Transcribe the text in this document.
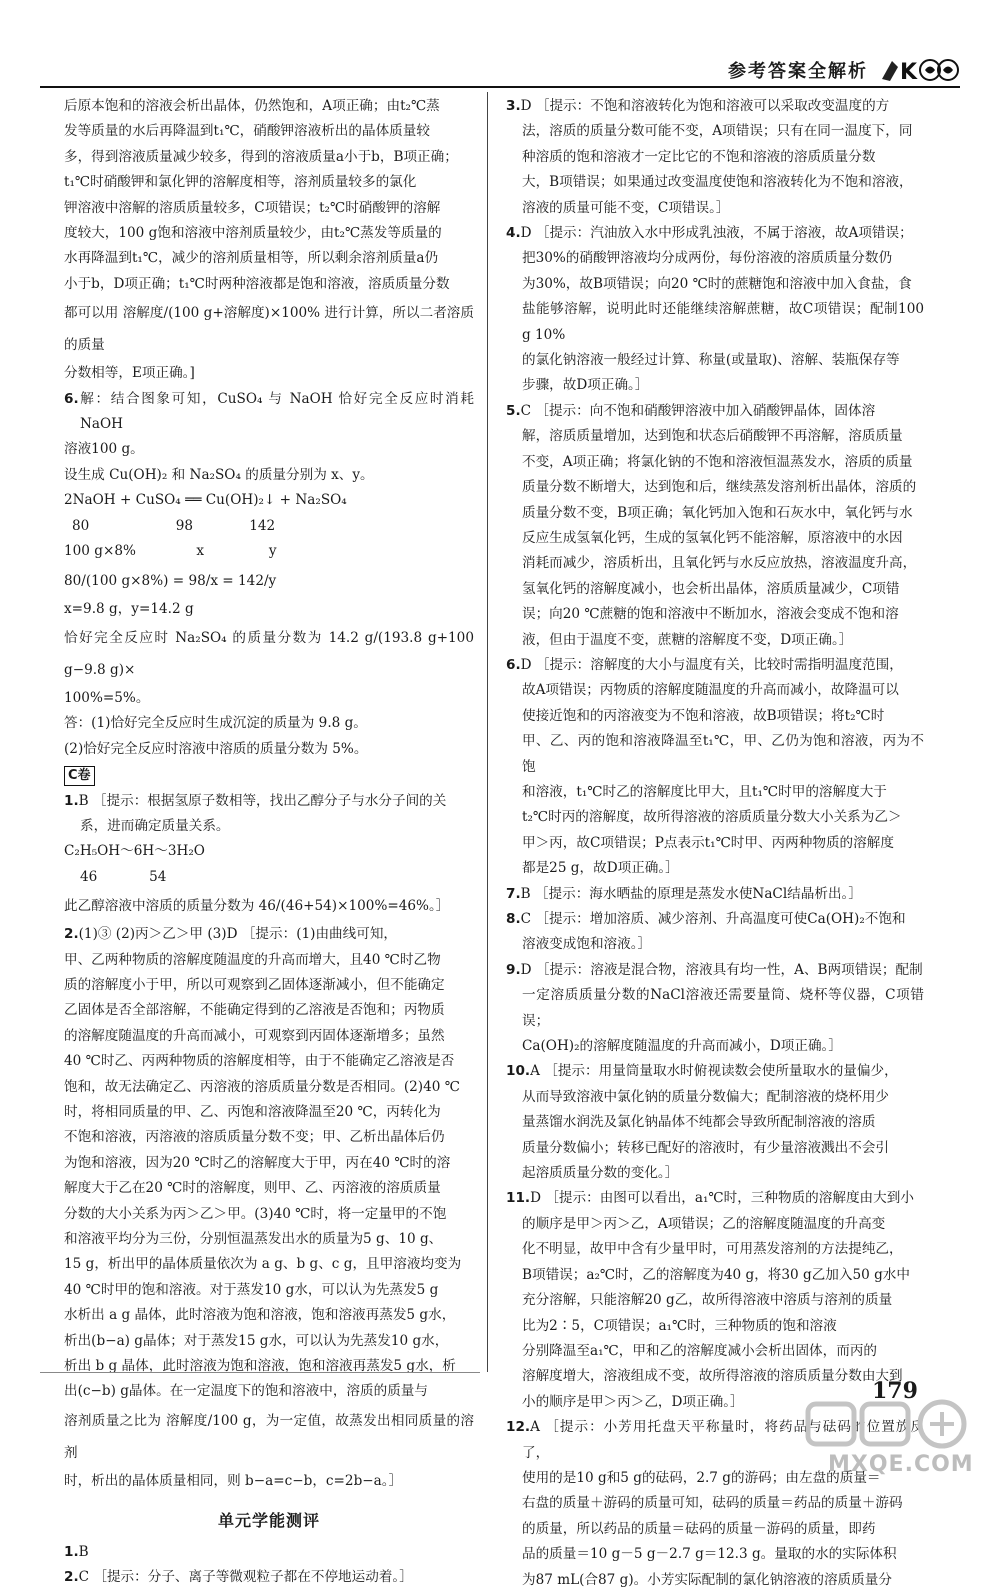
参考答案全解析 K

后原本饱和的溶液会析出晶体，仍然饱和，A项正确；由t₂℃蒸

发等质量的水后再降温到t₁℃，硝酸钾溶液析出的晶体质量较

多，得到溶液质量减少较多，得到的溶液质量a小于b，B项正确；

t₁℃时硝酸钾和氯化钾的溶解度相等，溶剂质量较多的氯化

钾溶液中溶解的溶质质量较多，C项错误；t₂℃时硝酸钾的溶解

度较大，100 g饱和溶液中溶剂质量较少，由t₂℃蒸发等质量的

水再降温到t₁℃，减少的溶剂质量相等，所以剩余溶剂质量a仍

小于b，D项正确；t₁℃时两种溶液都是饱和溶液，溶质质量分数

都可以用 溶解度/(100 g+溶解度)×100% 进行计算，所以二者溶质的质量

分数相等，E项正确。]

6.解：结合图象可知，CuSO₄ 与 NaOH 恰好完全反应时消耗 NaOH

溶液100 g。

设生成 Cu(OH)₂ 和 Na₂SO₄ 的质量分别为 x、y。

2NaOH + CuSO₄ ══ Cu(OH)₂↓ + Na₂SO₄

80                    98             142

100 g×8%              x               y

80/(100 g×8%) = 98/x = 142/y

x=9.8 g，y=14.2 g

恰好完全反应时 Na₂SO₄ 的质量分数为 14.2 g/(193.8 g+100 g−9.8 g)×

100%=5%。

答：(1)恰好完全反应时生成沉淀的质量为 9.8 g。

(2)恰好完全反应时溶液中溶质的质量分数为 5%。

C卷

1.B ［提示：根据氢原子数相等，找出乙醇分子与水分子间的关

系，进而确定质量关系。

C₂H₅OH～6H～3H₂O

46            54

此乙醇溶液中溶质的质量分数为 46/(46+54)×100%=46%。］

2.(1)③ (2)丙＞乙＞甲 (3)D ［提示：(1)由曲线可知，

甲、乙两种物质的溶解度随温度的升高而增大，且40 ℃时乙物

质的溶解度小于甲，所以可观察到乙固体逐渐减小，但不能确定

乙固体是否全部溶解，不能确定得到的乙溶液是否饱和；丙物质

的溶解度随温度的升高而减小，可观察到丙固体逐渐增多；虽然

40 ℃时乙、丙两种物质的溶解度相等，由于不能确定乙溶液是否

饱和，故无法确定乙、丙溶液的溶质质量分数是否相同。(2)40 ℃

时，将相同质量的甲、乙、丙饱和溶液降温至20 ℃，丙转化为

不饱和溶液，丙溶液的溶质质量分数不变；甲、乙析出晶体后仍

为饱和溶液，因为20 ℃时乙的溶解度大于甲，丙在40 ℃时的溶

解度大于乙在20 ℃时的溶解度，则甲、乙、丙溶液的溶质质量

分数的大小关系为丙＞乙＞甲。(3)40 ℃时，将一定量甲的不饱

和溶液平均分为三份，分别恒温蒸发出水的质量为5 g、10 g、

15 g，析出甲的晶体质量依次为 a g、b g、c g，且甲溶液均变为

40 ℃时甲的饱和溶液。对于蒸发10 g水，可以认为先蒸发5 g

水析出 a g 晶体，此时溶液为饱和溶液，饱和溶液再蒸发5 g水，

析出(b−a) g晶体；对于蒸发15 g水，可以认为先蒸发10 g水，

析出 b g 晶体，此时溶液为饱和溶液，饱和溶液再蒸发5 g水，析

出(c−b) g晶体。在一定温度下的饱和溶液中，溶质的质量与

溶剂质量之比为 溶解度/100 g，为一定值，故蒸发出相同质量的溶剂

时，析出的晶体质量相同，则 b−a=c−b，c=2b−a。］

单元学能测评

1.B

2.C ［提示：分子、离子等微观粒子都在不停地运动着。］

3.D ［提示：不饱和溶液转化为饱和溶液可以采取改变温度的方

法，溶质的质量分数可能不变，A项错误；只有在同一温度下，同

种溶质的饱和溶液才一定比它的不饱和溶液的溶质质量分数

大，B项错误；如果通过改变温度使饱和溶液转化为不饱和溶液，

溶液的质量可能不变，C项错误。］

4.D ［提示：汽油放入水中形成乳浊液，不属于溶液，故A项错误；

把30%的硝酸钾溶液均分成两份，每份溶液的溶质质量分数仍

为30%，故B项错误；向20 ℃时的蔗糖饱和溶液中加入食盐，食

盐能够溶解，说明此时还能继续溶解蔗糖，故C项错误；配制100 g 10%

的氯化钠溶液一般经过计算、称量(或量取)、溶解、装瓶保存等

步骤，故D项正确。］

5.C ［提示：向不饱和硝酸钾溶液中加入硝酸钾晶体，固体溶

解，溶质质量增加，达到饱和状态后硝酸钾不再溶解，溶质质量

不变，A项正确；将氯化钠的不饱和溶液恒温蒸发水，溶质的质量

质量分数不断增大，达到饱和后，继续蒸发溶剂析出晶体，溶质的

质量分数不变，B项正确；氧化钙加入饱和石灰水中，氧化钙与水

反应生成氢氧化钙，生成的氢氧化钙不能溶解，原溶液中的水因

消耗而减少，溶质析出，且氧化钙与水反应放热，溶液温度升高，

氢氧化钙的溶解度减小，也会析出晶体，溶质质量减少，C项错

误；向20 ℃蔗糖的饱和溶液中不断加水，溶液会变成不饱和溶

液，但由于温度不变，蔗糖的溶解度不变，D项正确。］

6.D ［提示：溶解度的大小与温度有关，比较时需指明温度范围，

故A项错误；丙物质的溶解度随温度的升高而减小，故降温可以

使接近饱和的丙溶液变为不饱和溶液，故B项错误；将t₂℃时

甲、乙、丙的饱和溶液降温至t₁℃，甲、乙仍为饱和溶液，丙为不饱

和溶液，t₁℃时乙的溶解度比甲大，且t₁℃时甲的溶解度大于

t₂℃时丙的溶解度，故所得溶液的溶质质量分数大小关系为乙＞

甲＞丙，故C项错误；P点表示t₁℃时甲、丙两种物质的溶解度

都是25 g，故D项正确。］

7.B ［提示：海水晒盐的原理是蒸发水使NaCl结晶析出。］

8.C ［提示：增加溶质、减少溶剂、升高温度可使Ca(OH)₂不饱和

溶液变成饱和溶液。］

9.D ［提示：溶液是混合物，溶液具有均一性，A、B两项错误；配制

一定溶质质量分数的NaCl溶液还需要量筒、烧杯等仪器，C项错误；

Ca(OH)₂的溶解度随温度的升高而减小，D项正确。］

10.A ［提示：用量筒量取水时俯视读数会使所量取水的量偏少，

从而导致溶液中氯化钠的质量分数偏大；配制溶液的烧杯用少

量蒸馏水润洗及氯化钠晶体不纯都会导致所配制溶液的溶质

质量分数偏小；转移已配好的溶液时，有少量溶液溅出不会引

起溶质质量分数的变化。］

11.D ［提示：由图可以看出，a₁℃时，三种物质的溶解度由大到小

的顺序是甲＞丙＞乙，A项错误；乙的溶解度随温度的升高变

化不明显，故甲中含有少量甲时，可用蒸发溶剂的方法提纯乙，

B项错误；a₂℃时，乙的溶解度为40 g，将30 g乙加入50 g水中

充分溶解，只能溶解20 g乙，故所得溶液中溶质与溶剂的质量

比为2∶5，C项错误；a₁℃时，三种物质的饱和溶液

分别降温至a₁℃，甲和乙的溶解度减小会析出固体，而丙的

溶解度增大，溶液组成不变，故所得溶液的溶质质量分数由大到

小的顺序是甲＞丙＞乙，D项正确。］

12.A ［提示：小芳用托盘天平称量时，将药品与砝码的位置放反了，

使用的是10 g和5 g的砝码，2.7 g的游码；由左盘的质量＝

右盘的质量＋游码的质量可知，砝码的质量＝药品的质量＋游码

的质量，所以药品的质量＝砝码的质量－游码的质量，即药

品的质量＝10 g－5 g－2.7 g＝12.3 g。量取的水的实际体积

为87 mL(合87 g)。小芳实际配制的氯化钠溶液的溶质质量分

179
MXQE.COM
